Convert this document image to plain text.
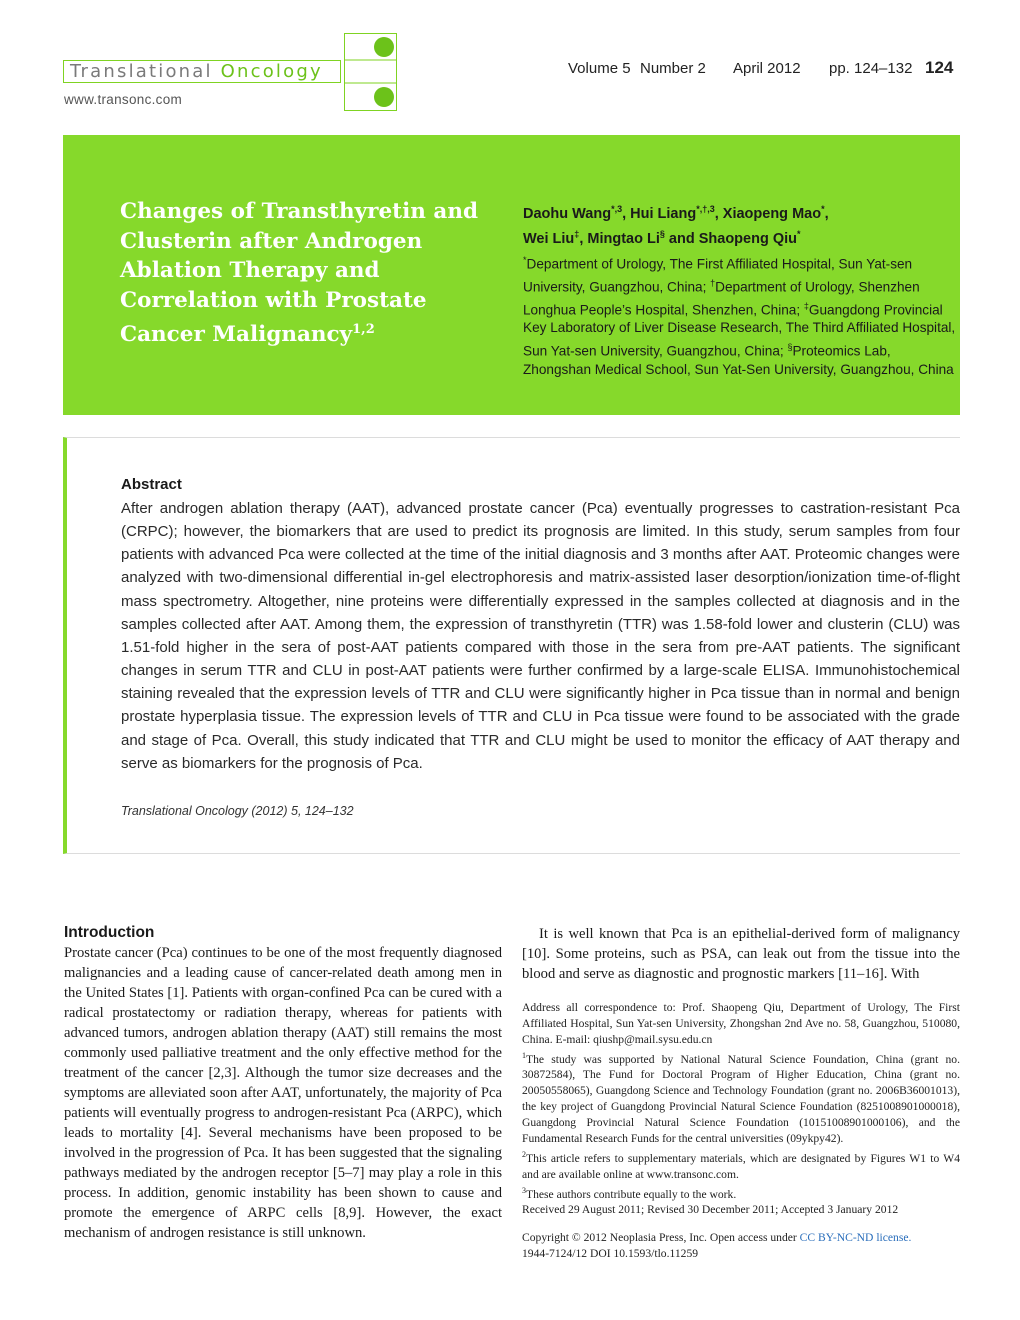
Translational Oncology
www.transonc.com
Volume 5 Number 2 April 2012 pp. 124–132 124
Changes of Transthyretin and Clusterin after Androgen Ablation Therapy and Correlation with Prostate Cancer Malignancy$^{1,2}$
Daohu Wang$^{*,3}$, Hui Liang$^{*,\dagger,3}$, Xiaopeng Mao*,
Wei Liu‡, Mingtao Li§ and Shaopeng Qiu*
*Department of Urology, The First Affiliated Hospital, Sun Yat-sen University, Guangzhou, China; †Department of Urology, Shenzhen Longhua People’s Hospital, Shenzhen, China; ‡Guangdong Provincial Key Laboratory of Liver Disease Research, The Third Affiliated Hospital, Sun Yat-sen University, Guangzhou, China; §Proteomics Lab, Zhongshan Medical School, Sun Yat-Sen University, Guangzhou, China
Abstract
After androgen ablation therapy (AAT), advanced prostate cancer (Pca) eventually progresses to castration-resistant Pca (CRPC); however, the biomarkers that are used to predict its prognosis are limited. In this study, serum samples from four patients with advanced Pca were collected at the time of the initial diagnosis and 3 months after AAT. Proteomic changes were analyzed with two-dimensional differential in-gel electrophoresis and matrix-assisted laser desorption/ionization time-of-flight mass spectrometry. Altogether, nine proteins were differentially expressed in the samples collected at diagnosis and in the samples collected after AAT. Among them, the expression of transthyretin (TTR) was 1.58-fold lower and clusterin (CLU) was 1.51-fold higher in the sera of post-AAT patients compared with those in the sera from pre-AAT patients. The significant changes in serum TTR and CLU in post-AAT patients were further confirmed by a large-scale ELISA. Immunohistochemical staining revealed that the expression levels of TTR and CLU were significantly higher in Pca tissue than in normal and benign prostate hyperplasia tissue. The expression levels of TTR and CLU in Pca tissue were found to be associated with the grade and stage of Pca. Overall, this study indicated that TTR and CLU might be used to monitor the efficacy of AAT therapy and serve as biomarkers for the prognosis of Pca.
Translational Oncology (2012) 5, 124–132
Introduction
Prostate cancer (Pca) continues to be one of the most frequently diagnosed malignancies and a leading cause of cancer-related death among men in the United States [1]. Patients with organ-confined Pca can be cured with a radical prostatectomy or radiation therapy, whereas for patients with advanced tumors, androgen ablation therapy (AAT) still remains the most commonly used palliative treatment and the only effective method for the treatment of the cancer [2,3]. Although the tumor size decreases and the symptoms are alleviated soon after AAT, unfortunately, the majority of Pca patients will eventually progress to androgen-resistant Pca (ARPC), which leads to mortality [4]. Several mechanisms have been proposed to be involved in the progression of Pca. It has been suggested that the signaling pathways mediated by the androgen receptor [5–7] may play a role in this process. In addition, genomic instability has been shown to cause and promote the emergence of ARPC cells [8,9]. However, the exact mechanism of androgen resistance is still unknown.
It is well known that Pca is an epithelial-derived form of malignancy [10]. Some proteins, such as PSA, can leak out from the tissue into the blood and serve as diagnostic and prognostic markers [11–16]. With

Address all correspondence to: Prof. Shaopeng Qiu, Department of Urology, The First Affiliated Hospital, Sun Yat-sen University, Zhongshan 2nd Ave no. 58, Guangzhou, 510080, China. E-mail: qiushp@mail.sysu.edu.cn

$^1$The study was supported by National Natural Science Foundation, China (grant no. 30872584), The Fund for Doctoral Program of Higher Education, China (grant no. 20050558065), Guangdong Science and Technology Foundation (grant no. 2006B36001013), the key project of Guangdong Provincial Natural Science Foundation (8251008901000018), Guangdong Provincial Natural Science Foundation (10151008901000106), and the Fundamental Research Funds for the central universities (09ykpy42).

$^2$This article refers to supplementary materials, which are designated by Figures W1 to W4 and are available online at www.transonc.com.

$^3$These authors contribute equally to the work.

Received 29 August 2011; Revised 30 December 2011; Accepted 3 January 2012

Copyright © 2012 Neoplasia Press, Inc. Open access under CC BY-NC-ND license.
1944-7124/12 DOI 10.1593/tlo.11259
